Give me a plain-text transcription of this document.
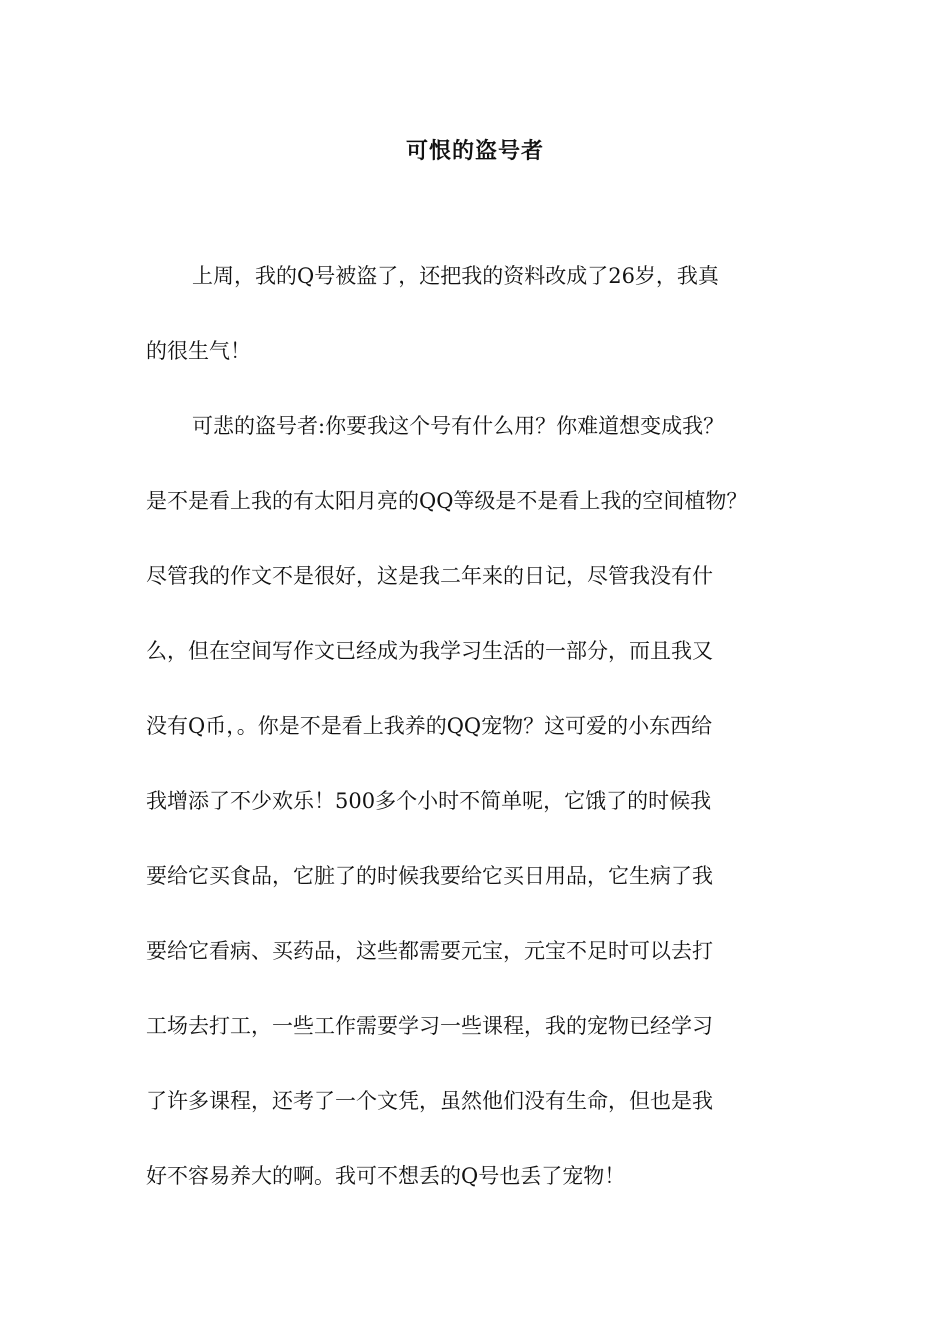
可恨的盗号者
上周，我的Q号被盗了，还把我的资料改成了26岁，我真
的很生气！
可悲的盗号者:你要我这个号有什么用？你难道想变成我？
是不是看上我的有太阳月亮的QQ等级是不是看上我的空间植物？
尽管我的作文不是很好，这是我二年来的日记，尽管我没有什
么，但在空间写作文已经成为我学习生活的一部分，而且我又
没有Q币，。你是不是看上我养的QQ宠物？这可爱的小东西给
我增添了不少欢乐！500多个小时不简单呢，它饿了的时候我
要给它买食品，它脏了的时候我要给它买日用品，它生病了我
要给它看病、买药品，这些都需要元宝，元宝不足时可以去打
工场去打工，一些工作需要学习一些课程，我的宠物已经学习
了许多课程，还考了一个文凭，虽然他们没有生命，但也是我
好不容易养大的啊。我可不想丢的Q号也丢了宠物！
